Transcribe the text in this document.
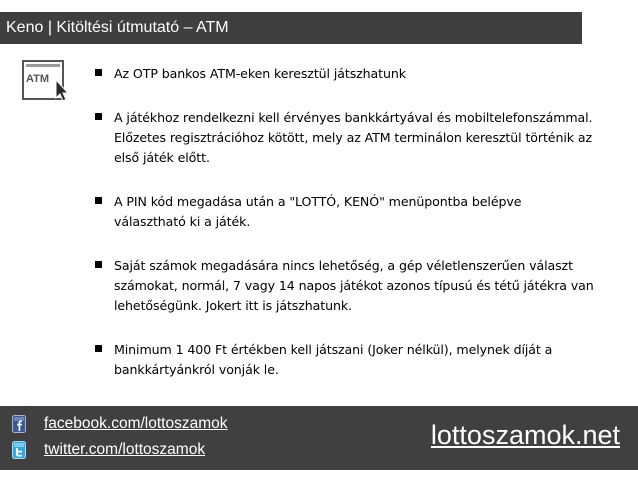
Keno | Kitöltési útmutató – ATM
ATM	Az OTP bankos ATM-eken keresztül játszhatunk
A játékhoz rendelkezni kell érvényes bankkártyával és mobiltelefonszámmal. Előzetes regisztrációhoz kötött, mely az ATM terminálon keresztül történik az első játék előtt.
A PIN kód megadása után a "LOTTÓ, KENÓ" menüpontba belépve választható ki a játék.
Saját számok megadására nincs lehetőség, a gép véletlenszerűen választ számokat, normál, 7 vagy 14 napos játékot azonos típusú és tétű játékra van lehetőségünk. Jokert itt is játszhatunk.
Minimum 1 400 Ft értékben kell játszani (Joker nélkül), melynek díját a bankkártyánkról vonják le.
facebook.com/lottoszamok
twitter.com/lottoszamok	lottoszamok.net
